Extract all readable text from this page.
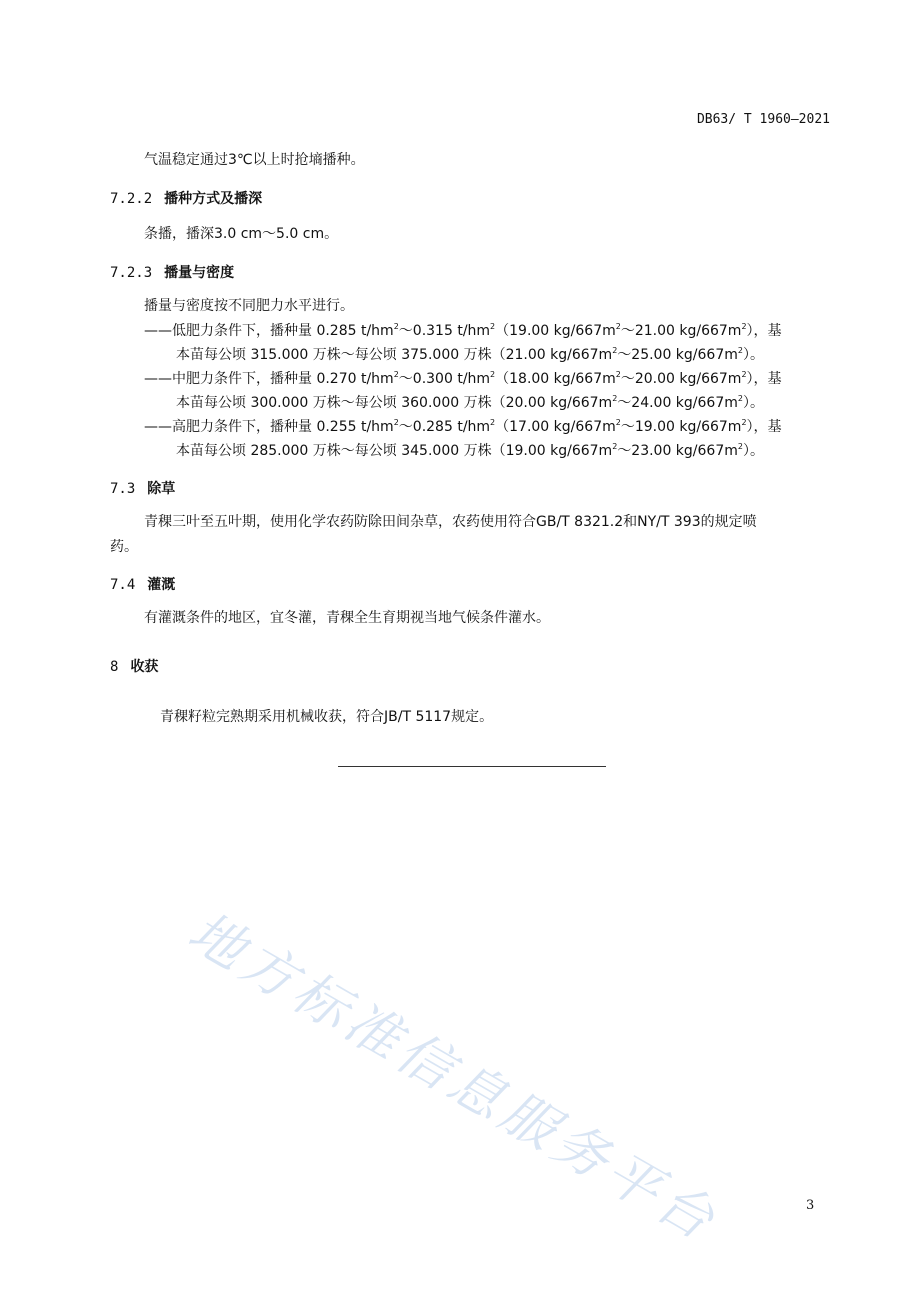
DB63/ T 1960—2021
气温稳定通过3℃以上时抢墒播种。
7.2.2 播种方式及播深
条播，播深3.0 cm～5.0 cm。
7.2.3 播量与密度
播量与密度按不同肥力水平进行。
——低肥力条件下，播种量 0.285 $t/hm^2\sim 0.315$ $t/hm^2(19.00$ $kg/667m^2\sim 21.00$ $kg/667m^2$），基
本苗每公顷 315.000 万株～每公顷 375.000 万株（21.00 $kg/667m^2\sim 25.00$ $kg/667m^2$）。
——中肥力条件下，播种量 0.270 $t/hm^2\sim 0.300$ $t/hm^2(18.00$ $kg/667m^2\sim 20.00$ $kg/667m^2$），基
本苗每公顷 300.000 万株～每公顷 360.000 万株（20.00 $kg/667m^2\sim 24.00$ $kg/667m^2$）。
——高肥力条件下，播种量 0.255 $t/hm^2\sim 0.285$ $t/hm^2(17.00$ $kg/667m^2\sim 19.00$ $kg/667m^2$），基
本苗每公顷 285.000 万株～每公顷 345.000 万株（19.00 $kg/667m^2\sim 23.00$ $kg/667m^2$）。
7.3 除草
青稞三叶至五叶期，使用化学农药防除田间杂草，农药使用符合GB/T 8321.2和NY/T 393的规定喷
药。
7.4 灌溉
有灌溉条件的地区，宜冬灌，青稞全生育期视当地气候条件灌水。
8 收获
青稞籽粒完熟期采用机械收获，符合JB/T 5117规定。
地方标准信息服务平台	3
